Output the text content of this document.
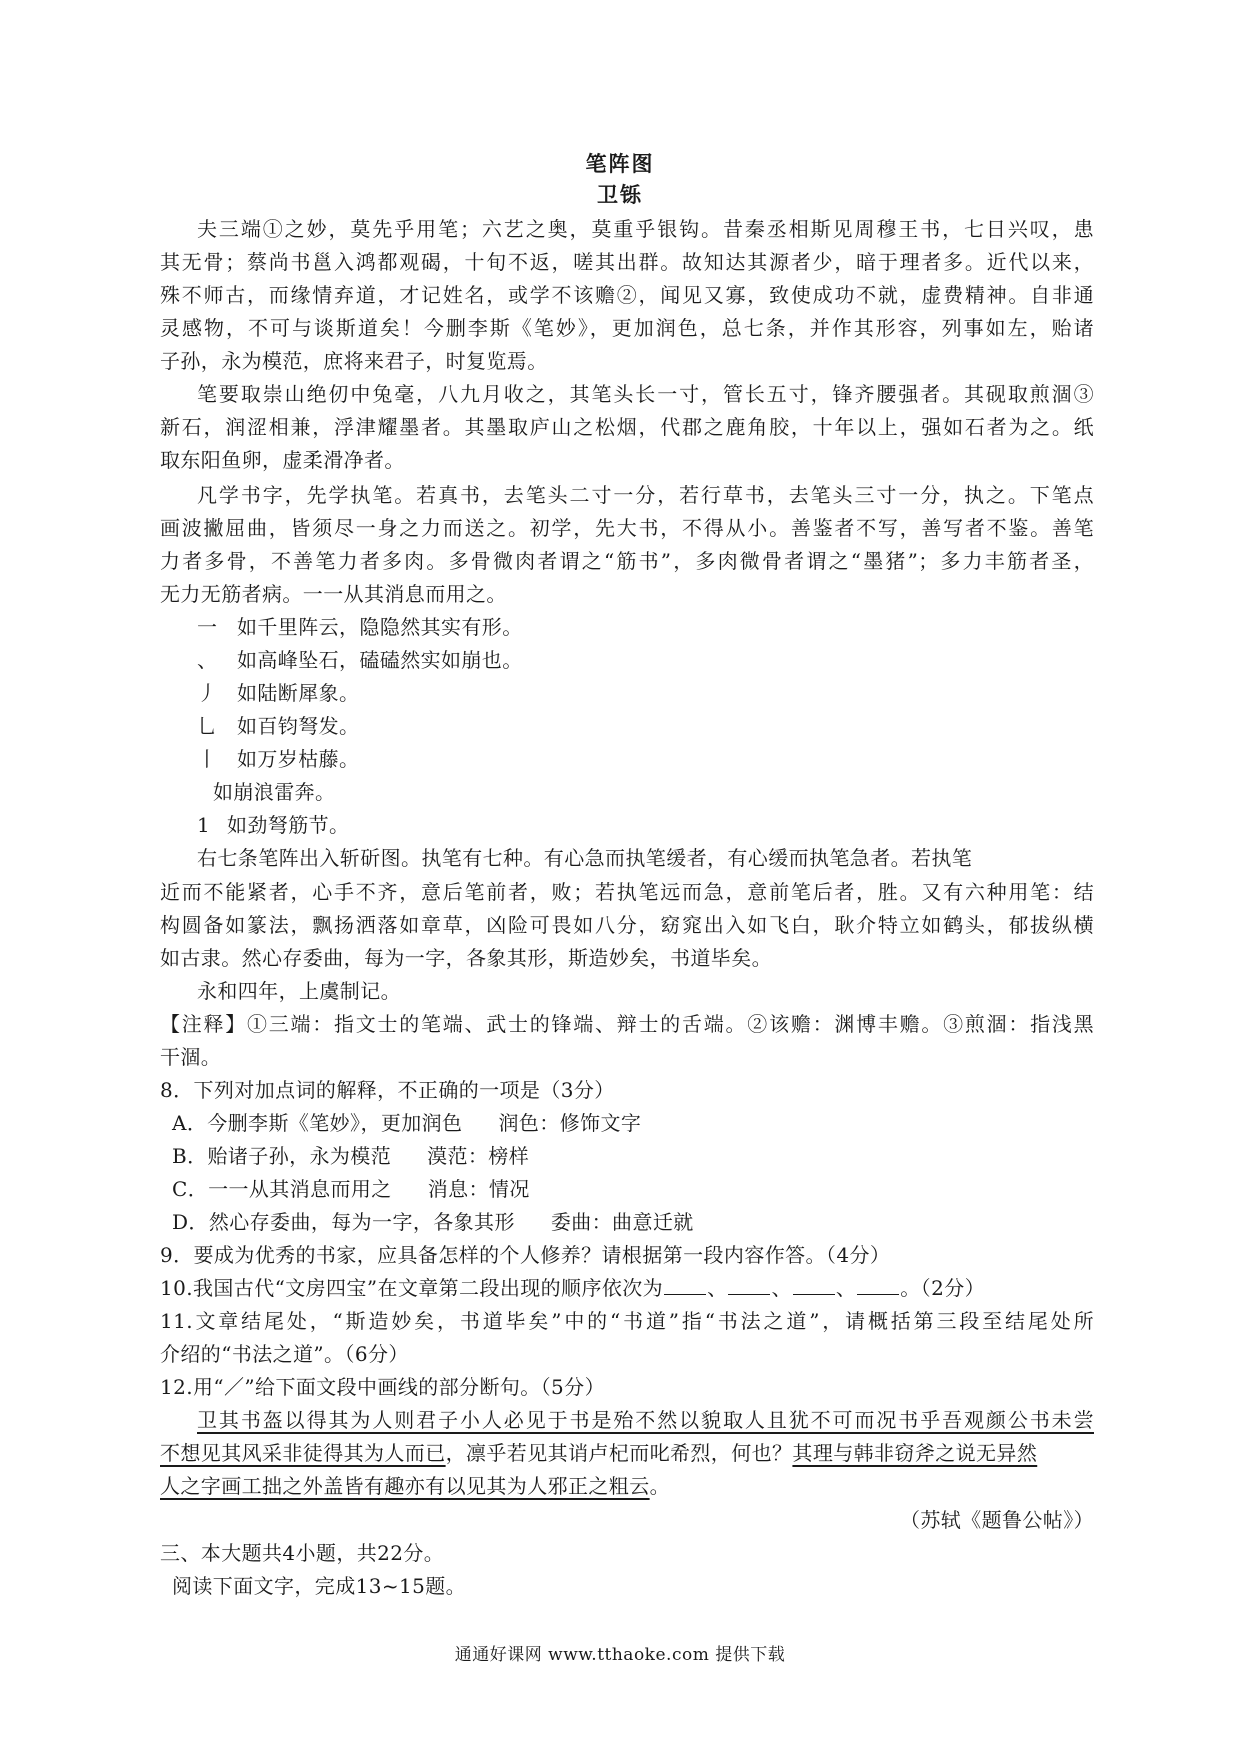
笔阵图
卫铄
夫三端①之妙，莫先乎用笔；六艺之奥，莫重乎银钩。昔秦丞相斯见周穆王书，七日兴叹，患
其无骨；蔡尚书邕入鸿都观碣，十旬不返，嗟其出群。故知达其源者少，暗于理者多。近代以来，
殊不师古，而缘情弃道，才记姓名，或学不该赡②，闻见又寡，致使成功不就，虚费精神。自非通
灵感物，不可与谈斯道矣！今删李斯《笔妙》，更加润色，总七条，并作其形容，列事如左，贻诸
子孙，永为模范，庶将来君子，时复览焉。
笔要取崇山绝仞中兔毫，八九月收之，其笔头长一寸，管长五寸，锋齐腰强者。其砚取煎涸③
新石，润涩相兼，浮津耀墨者。其墨取庐山之松烟，代郡之鹿角胶，十年以上，强如石者为之。纸
取东阳鱼卵，虚柔滑净者。
凡学书字，先学执笔。若真书，去笔头二寸一分，若行草书，去笔头三寸一分，执之。下笔点
画波撇屈曲，皆须尽一身之力而送之。初学，先大书，不得从小。善鉴者不写，善写者不鉴。善笔
力者多骨，不善笔力者多肉。多骨微肉者谓之“筋书”，多肉微骨者谓之“墨猪”；多力丰筋者圣，
无力无筋者病。一一从其消息而用之。
一 如千里阵云，隐隐然其实有形。
、 如高峰坠石，磕磕然实如崩也。
丿 如陆断犀象。
乚 如百钧弩发。
丨 如万岁枯藤。
如崩浪雷奔。
1 如劲弩筋节。
右七条笔阵出入斩斫图。执笔有七种。有心急而执笔缓者，有心缓而执笔急者。若执笔
近而不能紧者，心手不齐，意后笔前者，败；若执笔远而急，意前笔后者，胜。又有六种用笔：结
构圆备如篆法，飘扬洒落如章草，凶险可畏如八分，窈窕出入如飞白，耿介特立如鹤头，郁拔纵横
如古隶。然心存委曲，每为一字，各象其形，斯造妙矣，书道毕矣。
永和四年，上虞制记。
【注释】①三端：指文士的笔端、武士的锋端、辩士的舌端。②该赡：渊博丰赡。③煎涸：指浅黑
干涸。
8．下列对加点词的解释，不正确的一项是（3分）
A．今删李斯《笔妙》，更加润色 润色：修饰文字
B．贻诸子孙，永为模范 漠范：榜样
C．一一从其消息而用之 消息：情况
D．然心存委曲，每为一字，各象其形 委曲：曲意迁就
9．要成为优秀的书家，应具备怎样的个人修养？请根据第一段内容作答。（4分）
10.我国古代“文房四宝”在文章第二段出现的顺序依次为 、 、 、 。（2分）
11.文章结尾处，“斯造妙矣，书道毕矣”中的“书道”指“书法之道”，请概括第三段至结尾处所
介绍的“书法之道”。（6分）
12.用“／”给下面文段中画线的部分断句。（5分）
卫其书盔以得其为人则君子小人必见于书是殆不然以貌取人且犹不可而况书乎吾观颜公书未尝
不想见其风采非徒得其为人而已，凛乎若见其诮卢杞而叱希烈，何也？其理与韩非窃斧之说无异然
人之字画工拙之外盖皆有趣亦有以见其为人邪正之粗云。
（苏轼《题鲁公帖》）
三、本大题共4小题，共22分。
阅读下面文字，完成13~15题。
通通好课网 www.tthaoke.com 提供下载
